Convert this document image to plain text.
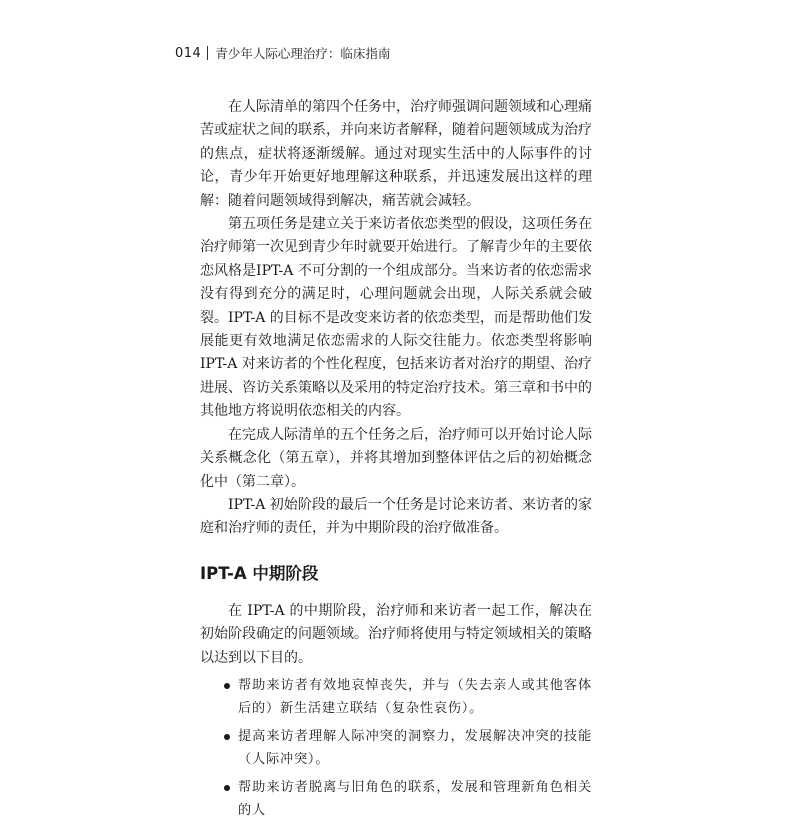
014 青少年人际心理治疗：临床指南

在人际清单的第四个任务中，治疗师强调问题领域和心理痛苦或症状之间的联系，并向来访者解释，随着问题领域成为治疗的焦点，症状将逐渐缓解。通过对现实生活中的人际事件的讨论，青少年开始更好地理解这种联系，并迅速发展出这样的理解：随着问题领域得到解决，痛苦就会减轻。

第五项任务是建立关于来访者依恋类型的假设，这项任务在治疗师第一次见到青少年时就要开始进行。了解青少年的主要依恋风格是IPT-A 不可分割的一个组成部分。当来访者的依恋需求没有得到充分的满足时，心理问题就会出现，人际关系就会破裂。IPT-A 的目标不是改变来访者的依恋类型，而是帮助他们发展能更有效地满足依恋需求的人际交往能力。依恋类型将影响 IPT-A 对来访者的个性化程度，包括来访者对治疗的期望、治疗进展、咨访关系策略以及采用的特定治疗技术。第三章和书中的其他地方将说明依恋相关的内容。

在完成人际清单的五个任务之后，治疗师可以开始讨论人际关系概念化（第五章），并将其增加到整体评估之后的初始概念化中（第二章）。

IPT-A 初始阶段的最后一个任务是讨论来访者、来访者的家庭和治疗师的责任，并为中期阶段的治疗做准备。

IPT-A 中期阶段

在 IPT-A 的中期阶段，治疗师和来访者一起工作，解决在初始阶段确定的问题领域。治疗师将使用与特定领域相关的策略以达到以下目的。

帮助来访者有效地哀悼丧失，并与（失去亲人或其他客体后的）新生活建立联结（复杂性哀伤）。
提高来访者理解人际冲突的洞察力，发展解决冲突的技能（人际冲突）。
帮助来访者脱离与旧角色的联系，发展和管理新角色相关的人
